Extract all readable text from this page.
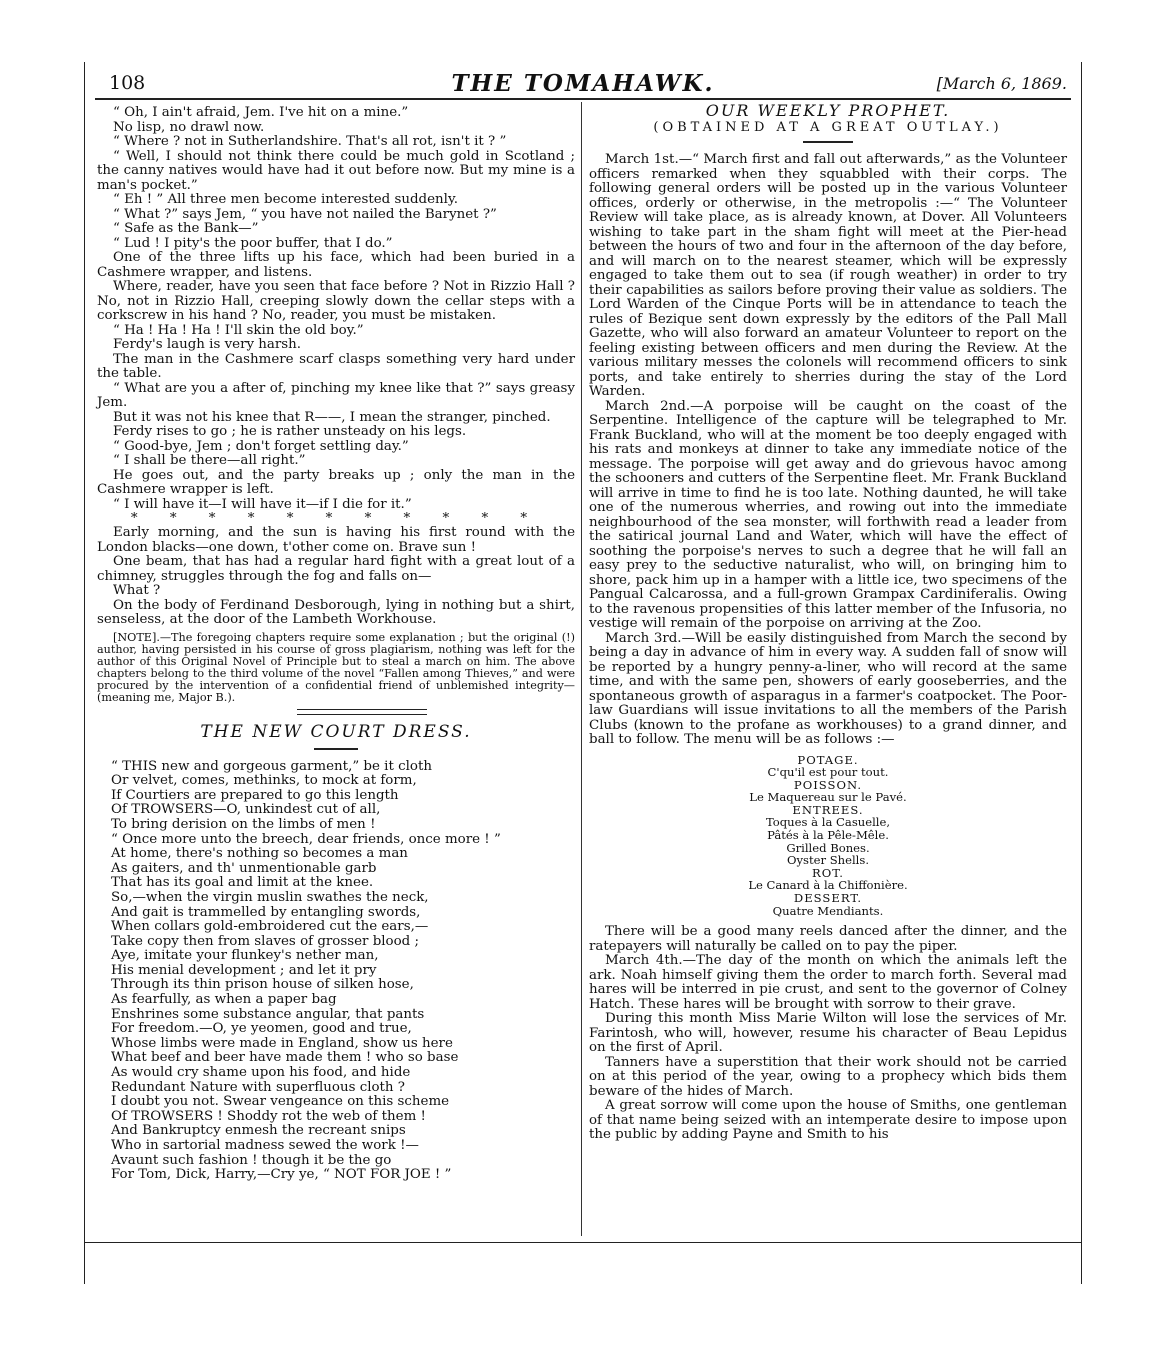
108	THE TOMAHAWK.	[March 6, 1869.

“ Oh, I ain't afraid, Jem. I've hit on a mine.”

No lisp, no drawl now.

“ Where ? not in Sutherlandshire. That's all rot, isn't it ? ”

“ Well, I should not think there could be much gold in Scotland ; the canny natives would have had it out before now. But my mine is a man's pocket.”

“ Eh ! ” All three men become interested suddenly.

“ What ?” says Jem, “ you have not nailed the Barynet ?”

“ Safe as the Bank—”

“ Lud ! I pity's the poor buffer, that I do.”

One of the three lifts up his face, which had been buried in a Cashmere wrapper, and listens.

Where, reader, have you seen that face before ? Not in Rizzio Hall ? No, not in Rizzio Hall, creeping slowly down the cellar steps with a corkscrew in his hand ? No, reader, you must be mistaken.

“ Ha ! Ha ! Ha ! I'll skin the old boy.”

Ferdy's laugh is very harsh.

The man in the Cashmere scarf clasps something very hard under the table.

“ What are you a after of, pinching my knee like that ?” says greasy Jem.

But it was not his knee that R——, I mean the stranger, pinched.

Ferdy rises to go ; he is rather unsteady on his legs.

“ Good-bye, Jem ; don't forget settling day.”

“ I shall be there—all right.”

He goes out, and the party breaks up ; only the man in the Cashmere wrapper is left.

“ I will have it—I will have it—if I die for it.”

* * * * * * * * * * *

Early morning, and the sun is having his first round with the London blacks—one down, t'other come on. Brave sun !

One beam, that has had a regular hard fight with a great lout of a chimney, struggles through the fog and falls on—

What ?

On the body of Ferdinand Desborough, lying in nothing but a shirt, senseless, at the door of the Lambeth Workhouse.

[NOTE].—The foregoing chapters require some explanation ; but the original (!) author, having persisted in his course of gross plagiarism, nothing was left for the author of this Original Novel of Principle but to steal a march on him. The above chapters belong to the third volume of the novel “Fallen among Thieves,” and were procured by the intervention of a confidential friend of unblemished integrity—(meaning me, Major B.).

THE NEW COURT DRESS.
“ THIS new and gorgeous garment,” be it cloth
Or velvet, comes, methinks, to mock at form,
If Courtiers are prepared to go this length
Of TROWSERS—O, unkindest cut of all,
To bring derision on the limbs of men !
“ Once more unto the breech, dear friends, once more ! ”
At home, there's nothing so becomes a man
As gaiters, and th' unmentionable garb
That has its goal and limit at the knee.
So,—when the virgin muslin swathes the neck,
And gait is trammelled by entangling swords,
When collars gold-embroidered cut the ears,—
Take copy then from slaves of grosser blood ;
Aye, imitate your flunkey's nether man,
His menial development ; and let it pry
Through its thin prison house of silken hose,
As fearfully, as when a paper bag
Enshrines some substance angular, that pants
For freedom.—O, ye yeomen, good and true,
Whose limbs were made in England, show us here
What beef and beer have made them ! who so base
As would cry shame upon his food, and hide
Redundant Nature with superfluous cloth ?
I doubt you not. Swear vengeance on this scheme
Of TROWSERS ! Shoddy rot the web of them !
And Bankruptcy enmesh the recreant snips
Who in sartorial madness sewed the work !—
Avaunt such fashion ! though it be the go
For Tom, Dick, Harry,—Cry ye, “ NOT FOR JOE ! ”
OUR WEEKLY PROPHET.
(OBTAINED AT A GREAT OUTLAY.)

March 1st.—“ March first and fall out afterwards,” as the Volunteer officers remarked when they squabbled with their corps. The following general orders will be posted up in the various Volunteer offices, orderly or otherwise, in the metropolis :—“ The Volunteer Review will take place, as is already known, at Dover. All Volunteers wishing to take part in the sham fight will meet at the Pier-head between the hours of two and four in the afternoon of the day before, and will march on to the nearest steamer, which will be expressly engaged to take them out to sea (if rough weather) in order to try their capabilities as sailors before proving their value as soldiers. The Lord Warden of the Cinque Ports will be in attendance to teach the rules of Bezique sent down expressly by the editors of the Pall Mall Gazette, who will also forward an amateur Volunteer to report on the feeling existing between officers and men during the Review. At the various military messes the colonels will recommend officers to sink ports, and take entirely to sherries during the stay of the Lord Warden.

March 2nd.—A porpoise will be caught on the coast of the Serpentine. Intelligence of the capture will be telegraphed to Mr. Frank Buckland, who will at the moment be too deeply engaged with his rats and monkeys at dinner to take any immediate notice of the message. The porpoise will get away and do grievous havoc among the schooners and cutters of the Serpentine fleet. Mr. Frank Buckland will arrive in time to find he is too late. Nothing daunted, he will take one of the numerous wherries, and rowing out into the immediate neighbourhood of the sea monster, will forthwith read a leader from the satirical journal Land and Water, which will have the effect of soothing the porpoise's nerves to such a degree that he will fall an easy prey to the seductive naturalist, who will, on bringing him to shore, pack him up in a hamper with a little ice, two specimens of the Pangual Calcarossa, and a full-grown Grampax Cardiniferalis. Owing to the ravenous propensities of this latter member of the Infusoria, no vestige will remain of the porpoise on arriving at the Zoo.

March 3rd.—Will be easily distinguished from March the second by being a day in advance of him in every way. A sudden fall of snow will be reported by a hungry penny-a-liner, who will record at the same time, and with the same pen, showers of early gooseberries, and the spontaneous growth of asparagus in a farmer's coatpocket. The Poor-law Guardians will issue invitations to all the members of the Parish Clubs (known to the profane as workhouses) to a grand dinner, and ball to follow. The menu will be as follows :—

POTAGE.
C'qu'il est pour tout.
POISSON.
Le Maquereau sur le Pavé.
ENTREES.
Toques à la Casuelle,
Pâtés à la Pêle-Mêle.
Grilled Bones.
Oyster Shells.
ROT.
Le Canard à la Chiffonière.
DESSERT.
Quatre Mendiants.

There will be a good many reels danced after the dinner, and the ratepayers will naturally be called on to pay the piper.

March 4th.—The day of the month on which the animals left the ark. Noah himself giving them the order to march forth. Several mad hares will be interred in pie crust, and sent to the governor of Colney Hatch. These hares will be brought with sorrow to their grave.

During this month Miss Marie Wilton will lose the services of Mr. Farintosh, who will, however, resume his character of Beau Lepidus on the first of April.

Tanners have a superstition that their work should not be carried on at this period of the year, owing to a prophecy which bids them beware of the hides of March.

A great sorrow will come upon the house of Smiths, one gentleman of that name being seized with an intemperate desire to impose upon the public by adding Payne and Smith to his
